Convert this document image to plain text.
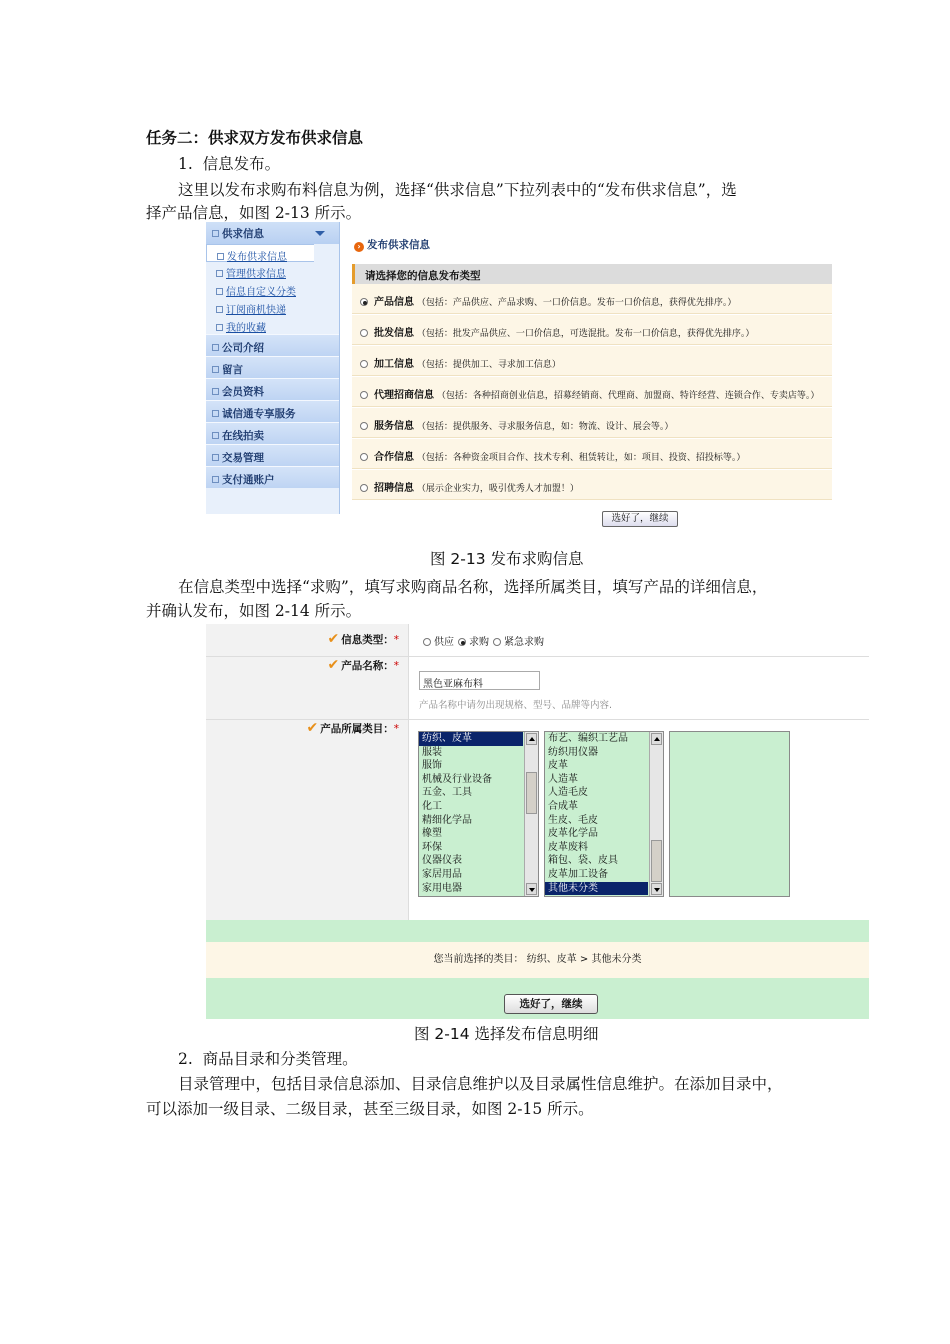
任务二：供求双方发布供求信息
1.  信息发布。
这里以发布求购布料信息为例，选择“供求信息”下拉列表中的“发布供求信息”，选
择产品信息，如图 2-13 所示。
供求信息
发布供求信息
管理供求信息
信息自定义分类
订阅商机快递
我的收藏
公司介绍
留言
会员资料
诚信通专享服务
在线拍卖
交易管理
支付通账户
› 发布供求信息
请选择您的信息发布类型
产品信息 （包括：产品供应、产品求购、一口价信息。发布一口价信息，获得优先排序。）
批发信息 （包括：批发产品供应、一口价信息，可选混批。发布一口价信息，获得优先排序。）
加工信息 （包括：提供加工、寻求加工信息）
代理招商信息 （包括：各种招商创业信息，招募经销商、代理商、加盟商、特许经营、连锁合作、专卖店等。）
服务信息 （包括：提供服务、寻求服务信息，如：物流、设计、展会等。）
合作信息 （包括：各种资金项目合作、技术专利、租赁转让，如：项目、投资、招投标等。）
招聘信息 （展示企业实力，吸引优秀人才加盟！）
选好了，继续
图 2-13 发布求购信息
在信息类型中选择“求购”，填写求购商品名称，选择所属类目，填写产品的详细信息，
并确认发布，如图 2-14 所示。
✔ 信息类型：*	供应 求购 紧急求购
✔ 产品名称：*
黑色亚麻布料
产品名称中请勿出现规格、型号、品牌等内容.
✔ 产品所属类目：*
纺织、皮革
服装
服饰
机械及行业设备
五金、工具
化工
精细化学品
橡塑
环保
仪器仪表
家居用品
家用电器
布艺、编织工艺品
纺织用仪器
皮革
人造革
人造毛皮
合成革
生皮、毛皮
皮革化学品
皮革废料
箱包、袋、皮具
皮革加工设备
其他未分类
您当前选择的类目： 纺织、皮革 > 其他未分类
选好了，继续
图 2-14 选择发布信息明细
2.  商品目录和分类管理。
目录管理中，包括目录信息添加、目录信息维护以及目录属性信息维护。在添加目录中，
可以添加一级目录、二级目录，甚至三级目录，如图 2-15 所示。
